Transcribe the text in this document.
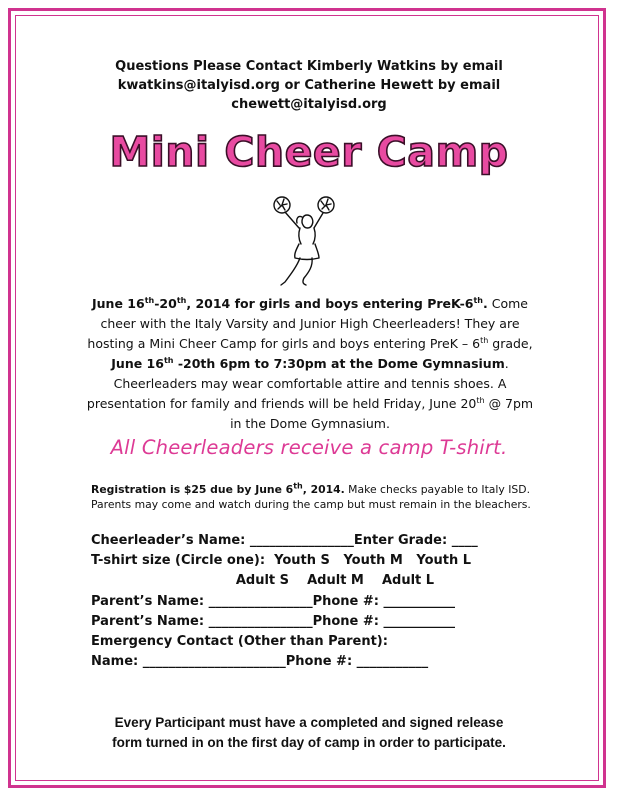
Questions Please Contact Kimberly Watkins by email
kwatkins@italyisd.org or Catherine Hewett by email
chewett@italyisd.org
Mini Cheer Camp
June 16th-20th, 2014 for girls and boys entering PreK-6th. Come cheer with the Italy Varsity and Junior High Cheerleaders! They are hosting a Mini Cheer Camp for girls and boys entering PreK – 6th grade, June 16th -20th 6pm to 7:30pm at the Dome Gymnasium. Cheerleaders may wear comfortable attire and tennis shoes. A presentation for family and friends will be held Friday, June 20th @ 7pm in the Dome Gymnasium.
All Cheerleaders receive a camp T-shirt.
Registration is $25 due by June 6th, 2014. Make checks payable to Italy ISD. Parents may come and watch during the camp but must remain in the bleachers.
Cheerleader’s Name: ________________Enter Grade: ____
T-shirt size (Circle one):  Youth S   Youth M   Youth L
Adult S    Adult M    Adult L
Parent’s Name: ________________Phone #: ___________
Parent’s Name: ________________Phone #: ___________
Emergency Contact (Other than Parent):
Name: ______________________Phone #: ___________
Every Participant must have a completed and signed release
form turned in on the first day of camp in order to participate.
